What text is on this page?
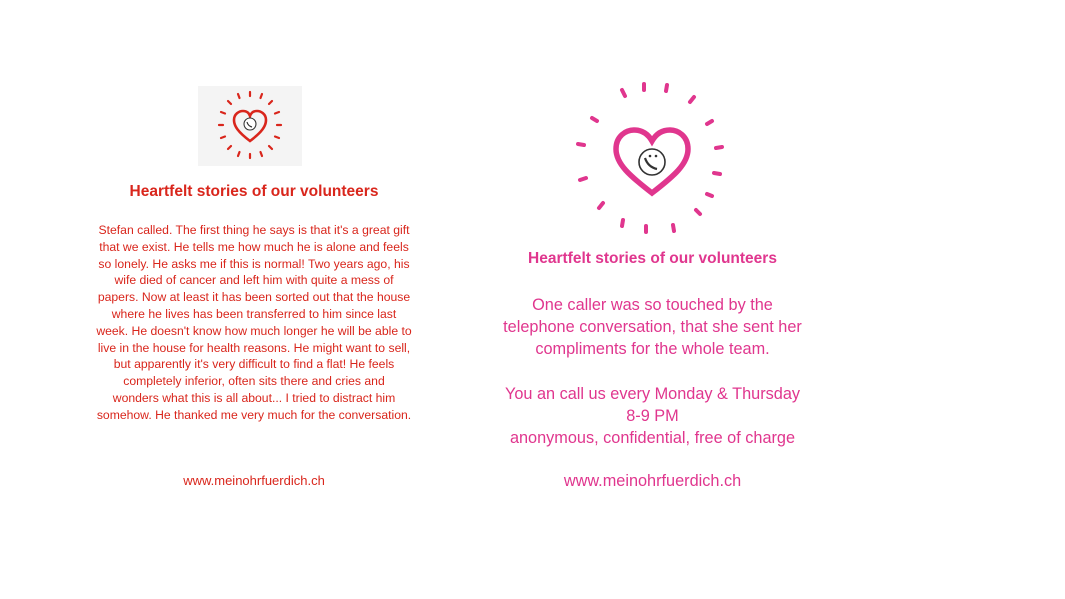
Heartfelt stories of our volunteers
Stefan called. The first thing he says is that it's a great gift
that we exist. He tells me how much he is alone and feels
so lonely. He asks me if this is normal! Two years ago, his
wife died of cancer and left him with quite a mess of
papers. Now at least it has been sorted out that the house
where he lives has been transferred to him since last
week. He doesn't know how much longer he will be able to
live in the house for health reasons. He might want to sell,
but apparently it's very difficult to find a flat! He feels
completely inferior, often sits there and cries and
wonders what this is all about... I tried to distract him
somehow. He thanked me very much for the conversation.
www.meinohrfuerdich.ch
Heartfelt stories of our volunteers
One caller was so touched by the
telephone conversation, that she sent her
compliments for the whole team.
You an call us every Monday & Thursday
8-9 PM
anonymous, confidential, free of charge
www.meinohrfuerdich.ch
